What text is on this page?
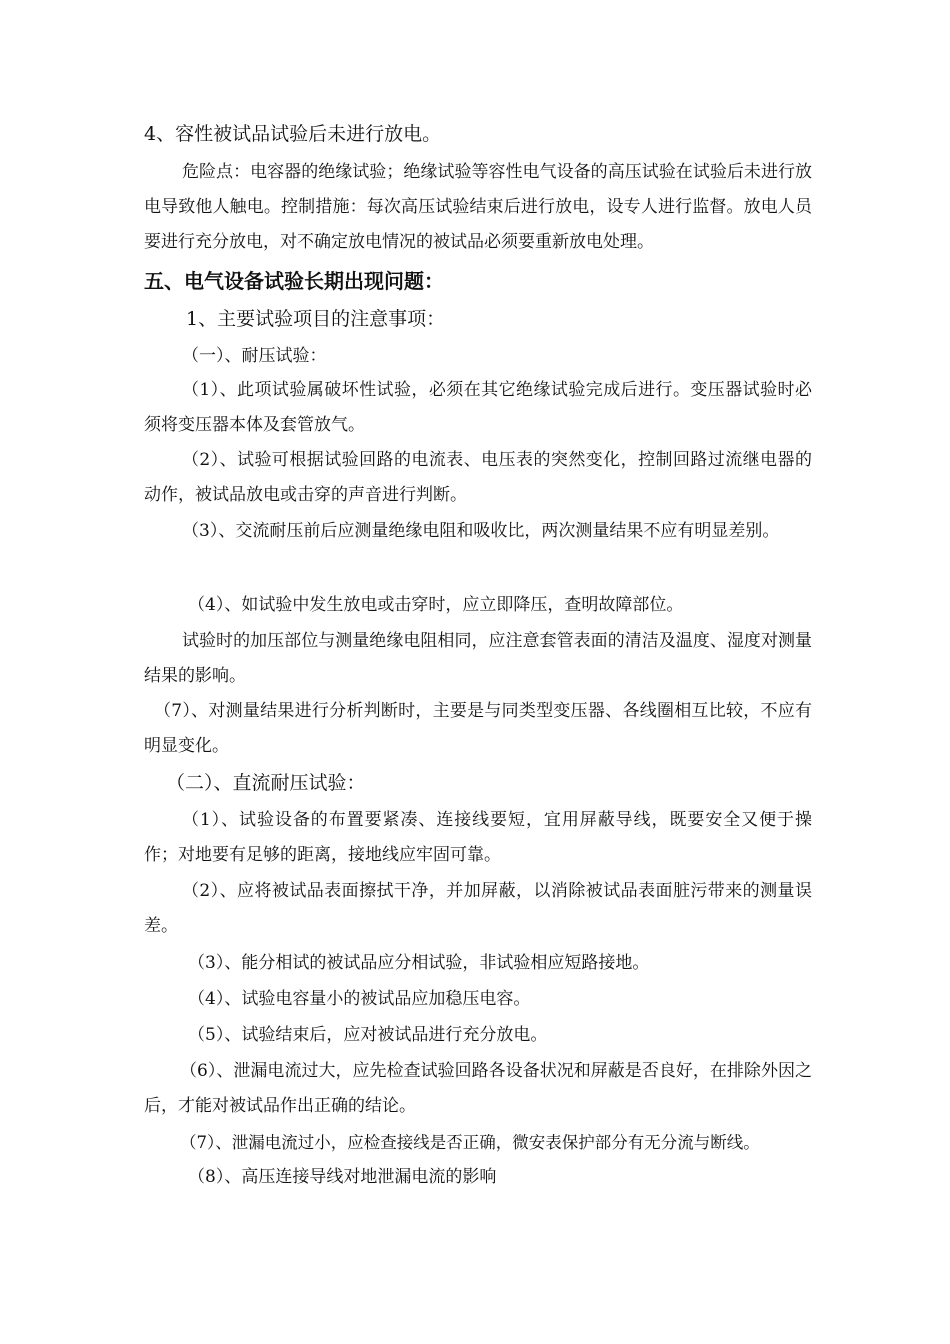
4、容性被试品试验后未进行放电。

危险点：电容器的绝缘试验；绝缘试验等容性电气设备的高压试验在试验后未进行放电导致他人触电。控制措施：每次高压试验结束后进行放电，设专人进行监督。放电人员要进行充分放电，对不确定放电情况的被试品必须要重新放电处理。

五、电气设备试验长期出现问题：

1、主要试验项目的注意事项：

（一）、耐压试验：

（1）、此项试验属破坏性试验，必须在其它绝缘试验完成后进行。变压器试验时必须将变压器本体及套管放气。

（2）、试验可根据试验回路的电流表、电压表的突然变化，控制回路过流继电器的动作，被试品放电或击穿的声音进行判断。

（3）、交流耐压前后应测量绝缘电阻和吸收比，两次测量结果不应有明显差别。

（4）、如试验中发生放电或击穿时，应立即降压，查明故障部位。

试验时的加压部位与测量绝缘电阻相同，应注意套管表面的清洁及温度、湿度对测量结果的影响。

（7）、对测量结果进行分析判断时，主要是与同类型变压器、各线圈相互比较，不应有明显变化。

（二）、直流耐压试验：

（1）、试验设备的布置要紧凑、连接线要短，宜用屏蔽导线，既要安全又便于操作；对地要有足够的距离，接地线应牢固可靠。

（2）、应将被试品表面擦拭干净，并加屏蔽，以消除被试品表面脏污带来的测量误差。

（3）、能分相试的被试品应分相试验，非试验相应短路接地。

（4）、试验电容量小的被试品应加稳压电容。

（5）、试验结束后，应对被试品进行充分放电。

（6）、泄漏电流过大，应先检查试验回路各设备状况和屏蔽是否良好，在排除外因之后，才能对被试品作出正确的结论。

（7）、泄漏电流过小，应检查接线是否正确，微安表保护部分有无分流与断线。

（8）、高压连接导线对地泄漏电流的影响
